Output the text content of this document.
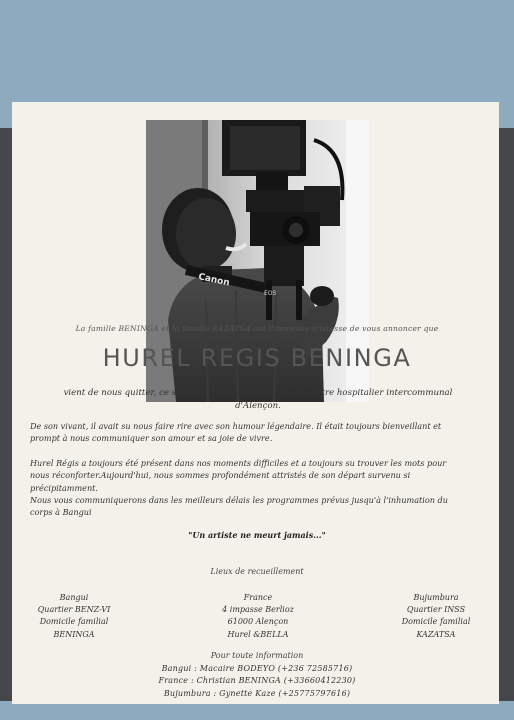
Canon
EOS
La famille BENINGA et la famille KAZATSA ont l'immense tristesse de vous annoncer que
HUREL REGIS BENINGA
vient de nous quitter, ce samedi 27 novembre 2021, au centre hospitalier intercommunal
d'Alençon.
De son vivant, il avait su nous faire rire avec son humour légendaire. Il était toujours bienveillant et
prompt à nous communiquer son amour et sa joie de vivre.
Hurel Régis a toujours été présent dans nos moments difficiles et a toujours su trouver les mots pour
nous réconforter.Aujourd'hui, nous sommes profondément attristés de son départ survenu si
précipitamment.
Nous vous communiquerons dans les meilleurs délais les programmes prévus jusqu'à l'inhumation du
corps à Bangui
"Un artiste ne meurt jamais..."
Lieux de recueillement
Bangui
Quartier BENZ-VI
Domicile familial
BENINGA
France
4 impasse Berlioz
61000 Alençon
Hurel &BELLA
Bujumbura
Quartier INSS
Domicile familial
KAZATSA
Pour toute information
Bangui : Macaire BODEYO (+236 72585716)
France : Christian BENINGA (+33660412230)
Bujumbura : Gynette Kaze (+25775797616)
